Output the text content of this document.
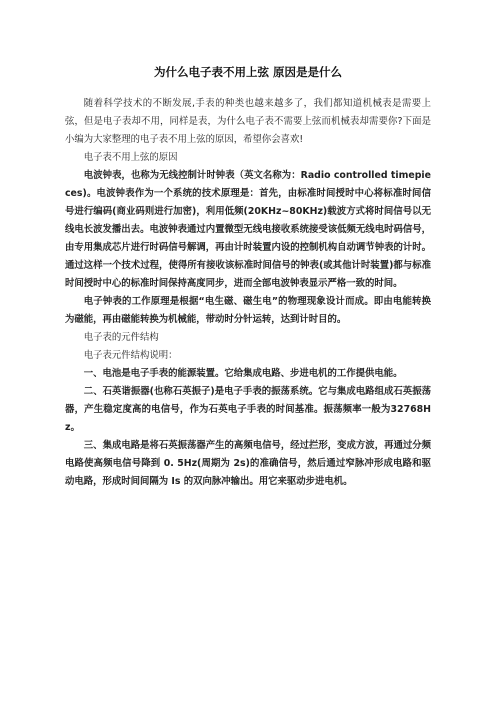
为什么电子表不用上弦 原因是是什么

随着科学技术的不断发展,手表的种类也越来越多了，我们都知道机械表是需要上弦，但是电子表却不用，同样是表，为什么电子表不需要上弦而机械表却需要你?下面是小编为大家整理的电子表不用上弦的原因，希望你会喜欢!

电子表不用上弦的原因

电波钟表，也称为无线控制计时钟表（英文名称为：Radio controlled timepieces)。电波钟表作为一个系统的技术原理是：首先，由标准时间授时中心将标准时间信号进行编码(商业码则进行加密)，利用低频(20KHz~80KHz)载波方式将时间信号以无线电长波发播出去。电波钟表通过内置微型无线电接收系统接受该低频无线电时码信号，由专用集成芯片进行时码信号解调，再由计时装置内设的控制机构自动调节钟表的计时。通过这样一个技术过程，使得所有接收该标准时间信号的钟表(或其他计时装置)都与标准时间授时中心的标准时间保持高度同步，进而全部电波钟表显示严格一致的时间。

电子钟表的工作原理是根据“电生磁、磁生电”的物理现象设计而成。即由电能转换为磁能，再由磁能转换为机械能，带动时分针运转，达到计时目的。

电子表的元件结构

电子表元件结构说明：

一、电池是电子手表的能源装置。它给集成电路、步进电机的工作提供电能。

二、石英谐振器(也称石英振子)是电子手表的振荡系统。它与集成电路组成石英振荡器，产生稳定度高的电信号，作为石英电子手表的时间基准。振荡频率一般为32768Hz。

三、集成电路是将石英振荡器产生的高频电信号，经过拦形，变成方波，再通过分频电路使高频电信号降到 0. 5Hz(周期为 2s)的准确信号，然后通过窄脉冲形成电路和驱动电路，形成时间间隔为 Is 的双向脉冲输出。用它来驱动步进电机。
